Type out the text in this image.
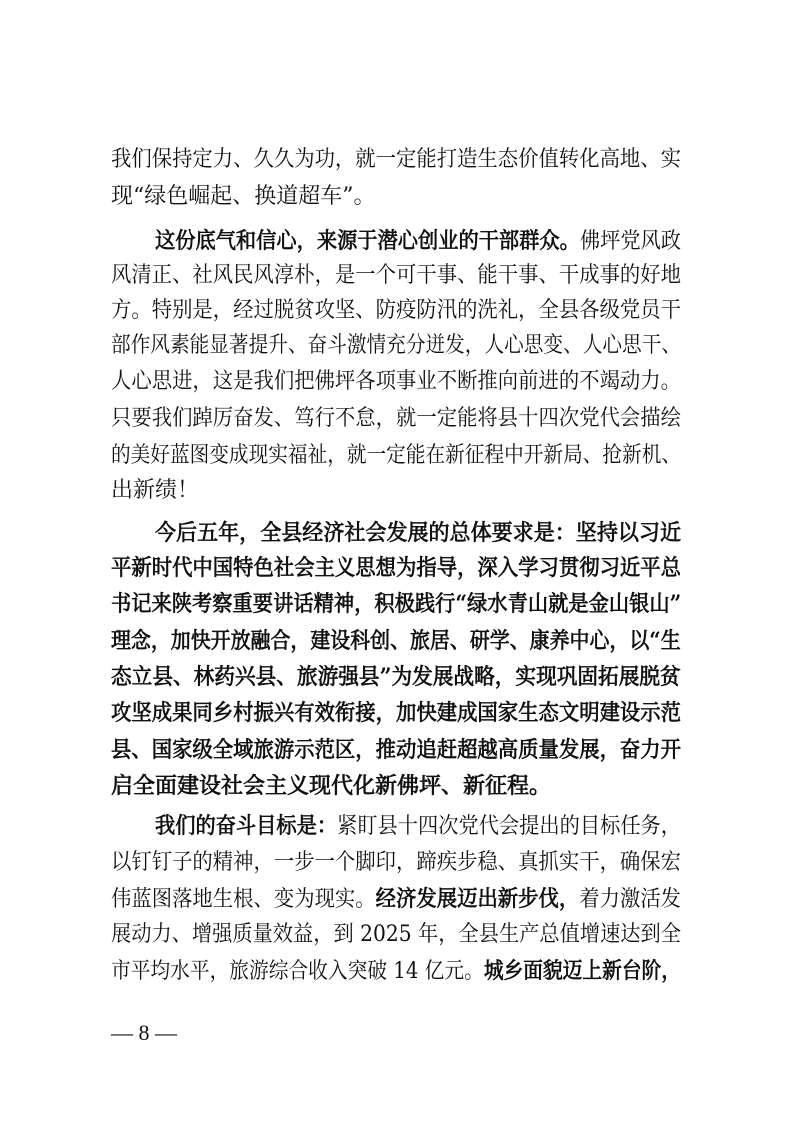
我们保持定力、久久为功，就一定能打造生态价值转化高地、实
现“绿色崛起、换道超车”。
这份底气和信心，来源于潜心创业的干部群众。佛坪党风政
风清正、社风民风淳朴，是一个可干事、能干事、干成事的好地
方。特别是，经过脱贫攻坚、防疫防汛的洗礼，全县各级党员干
部作风素能显著提升、奋斗激情充分迸发，人心思变、人心思干、
人心思进，这是我们把佛坪各项事业不断推向前进的不竭动力。
只要我们踔厉奋发、笃行不怠，就一定能将县十四次党代会描绘
的美好蓝图变成现实福祉，就一定能在新征程中开新局、抢新机、
出新绩！
今后五年，全县经济社会发展的总体要求是：坚持以习近
平新时代中国特色社会主义思想为指导，深入学习贯彻习近平总
书记来陕考察重要讲话精神，积极践行“绿水青山就是金山银山”
理念，加快开放融合，建设科创、旅居、研学、康养中心，以“生
态立县、林药兴县、旅游强县”为发展战略，实现巩固拓展脱贫
攻坚成果同乡村振兴有效衔接，加快建成国家生态文明建设示范
县、国家级全域旅游示范区，推动追赶超越高质量发展，奋力开
启全面建设社会主义现代化新佛坪、新征程。
我们的奋斗目标是：紧盯县十四次党代会提出的目标任务，
以钉钉子的精神，一步一个脚印，蹄疾步稳、真抓实干，确保宏
伟蓝图落地生根、变为现实。经济发展迈出新步伐，着力激活发
展动力、增强质量效益，到 2025 年，全县生产总值增速达到全
市平均水平，旅游综合收入突破 14 亿元。城乡面貌迈上新台阶，
— 8 —
